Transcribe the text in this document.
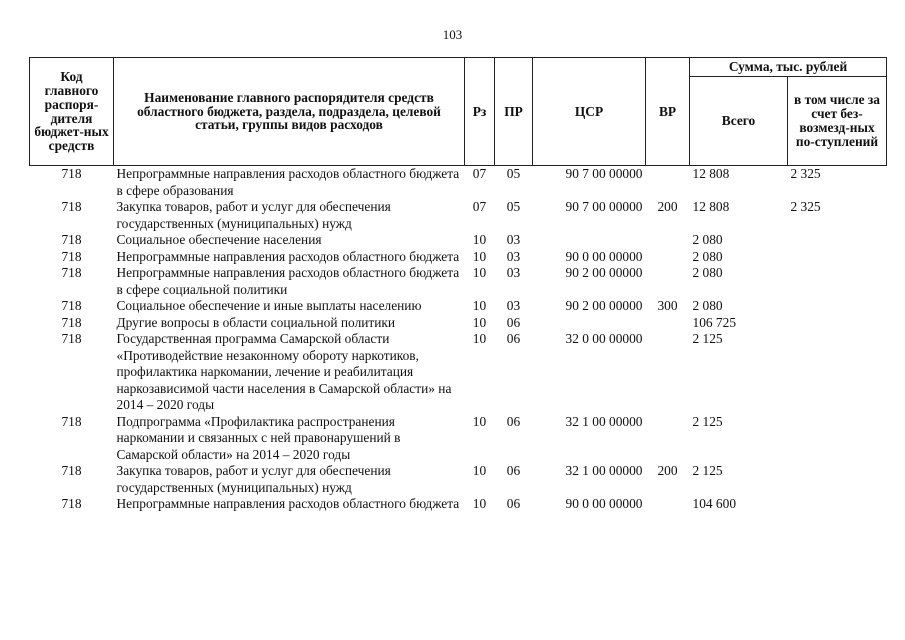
103
Код главного распоря-дителя бюджет-ных средств	Наименование главного распорядителя средств областного бюджета, раздела, подраздела, целевой статьи, группы видов расходов	Рз	ПР	ЦСР	ВР	Сумма, тыс. рублей	
						Всего	в том числе за счет без-возмезд-ных по-ступлений
718	Непрограммные направления расходов областного бюджета в сфере образования	07	05	90 7 00 00000		12 808	2 325
718	Закупка товаров, работ и услуг для обеспечения государственных (муниципальных) нужд	07	05	90 7 00 00000	200	12 808	2 325
718	Социальное обеспечение населения	10	03			2 080	
718	Непрограммные направления расходов областного бюджета	10	03	90 0 00 00000		2 080	
718	Непрограммные направления расходов областного бюджета в сфере социальной политики	10	03	90 2 00 00000		2 080	
718	Социальное обеспечение и иные выплаты населению	10	03	90 2 00 00000	300	2 080	
718	Другие вопросы в области социальной политики	10	06			106 725	
718	Государственная программа Самарской области «Противодействие незаконному обороту наркотиков, профилактика наркомании, лечение и реабилитация наркозависимой части населения в Самарской области» на 2014 – 2020 годы	10	06	32 0 00 00000		2 125	
718	Подпрограмма «Профилактика распространения наркомании и связанных с ней правонарушений в Самарской области» на 2014 – 2020 годы	10	06	32 1 00 00000		2 125	
718	Закупка товаров, работ и услуг для обеспечения государственных (муниципальных) нужд	10	06	32 1 00 00000	200	2 125	
718	Непрограммные направления расходов областного бюджета	10	06	90 0 00 00000		104 600	
